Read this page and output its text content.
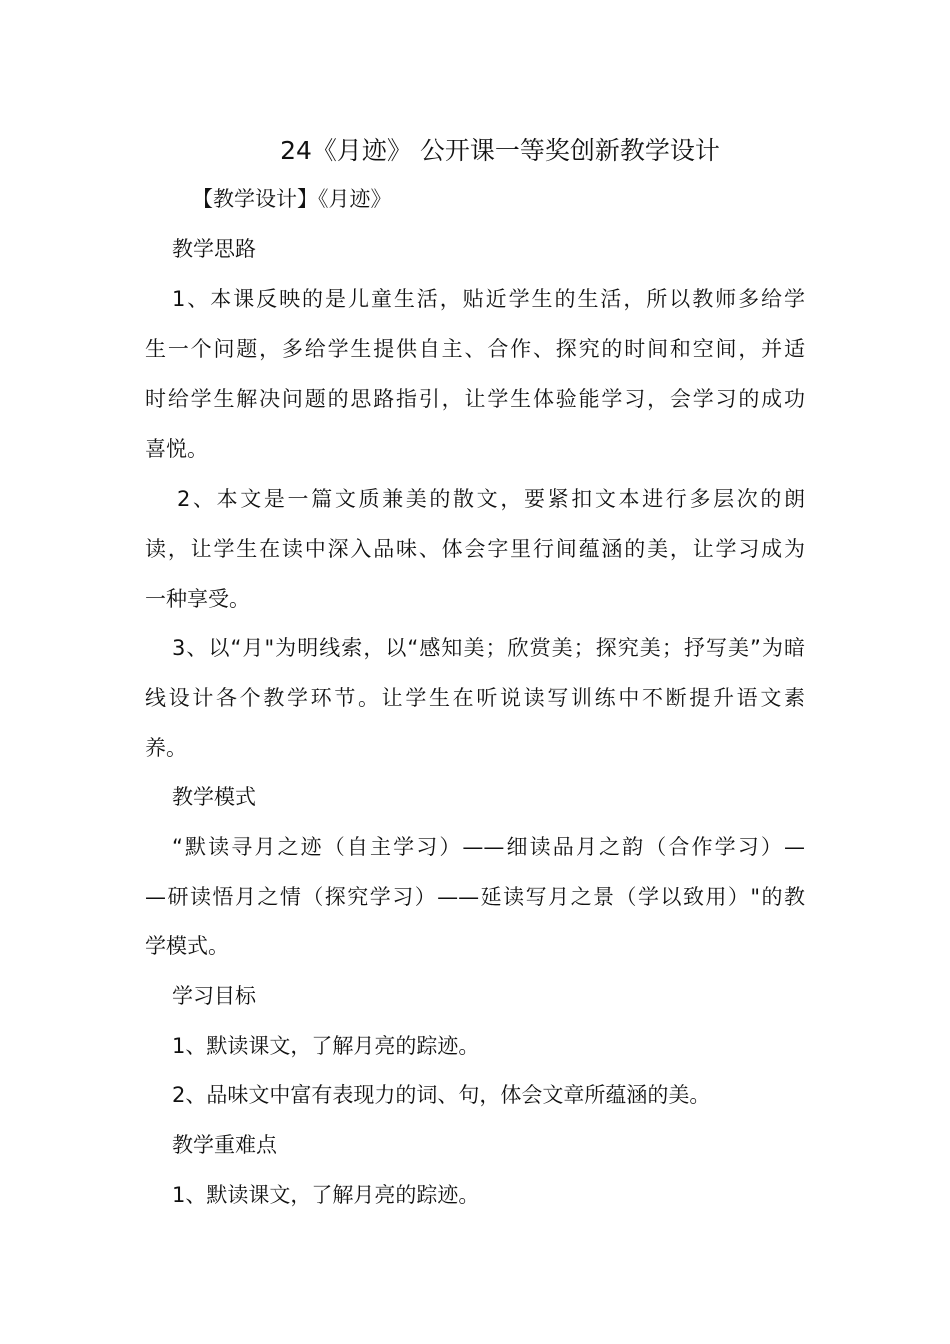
24《月迹》 公开课一等奖创新教学设计
【教学设计】《月迹》
教学思路
1、本课反映的是儿童生活，贴近学生的生活，所以教师多给学
生一个问题，多给学生提供自主、合作、探究的时间和空间，并适
时给学生解决问题的思路指引，让学生体验能学习，会学习的成功
喜悦。
2、本文是一篇文质兼美的散文，要紧扣文本进行多层次的朗
读，让学生在读中深入品味、体会字里行间蕴涵的美，让学习成为
一种享受。
3、以“月"为明线索，以“感知美；欣赏美；探究美；抒写美”为暗
线设计各个教学环节。让学生在听说读写训练中不断提升语文素
养。
教学模式
“默读寻月之迹（自主学习）——细读品月之韵（合作学习）—
—研读悟月之情（探究学习）——延读写月之景（学以致用）"的教
学模式。
学习目标
1、默读课文，了解月亮的踪迹。
2、品味文中富有表现力的词、句，体会文章所蕴涵的美。
教学重难点
1、默读课文，了解月亮的踪迹。
